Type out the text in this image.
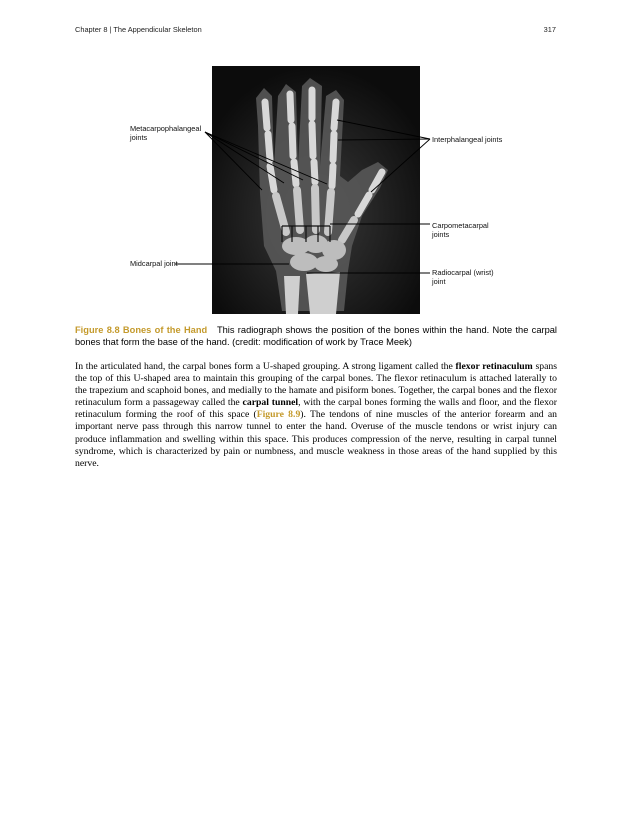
Chapter 8 | The Appendicular Skeleton	317
Metacarpophalangeal
joints	Interphalangeal joints
Carpometacarpal
joints
Midcarpal joint
Radiocarpal (wrist)
joint
Figure 8.8 Bones of the Hand This radiograph shows the position of the bones within the hand. Note the carpal bones that form the base of the hand. (credit: modification of work by Trace Meek)
In the articulated hand, the carpal bones form a U-shaped grouping. A strong ligament called the flexor retinaculum spans the top of this U-shaped area to maintain this grouping of the carpal bones. The flexor retinaculum is attached laterally to the trapezium and scaphoid bones, and medially to the hamate and pisiform bones. Together, the carpal bones and the flexor retinaculum form a passageway called the carpal tunnel, with the carpal bones forming the walls and floor, and the flexor retinaculum forming the roof of this space (Figure 8.9). The tendons of nine muscles of the anterior forearm and an important nerve pass through this narrow tunnel to enter the hand. Overuse of the muscle tendons or wrist injury can produce inflammation and swelling within this space. This produces compression of the nerve, resulting in carpal tunnel syndrome, which is characterized by pain or numbness, and muscle weakness in those areas of the hand supplied by this nerve.
